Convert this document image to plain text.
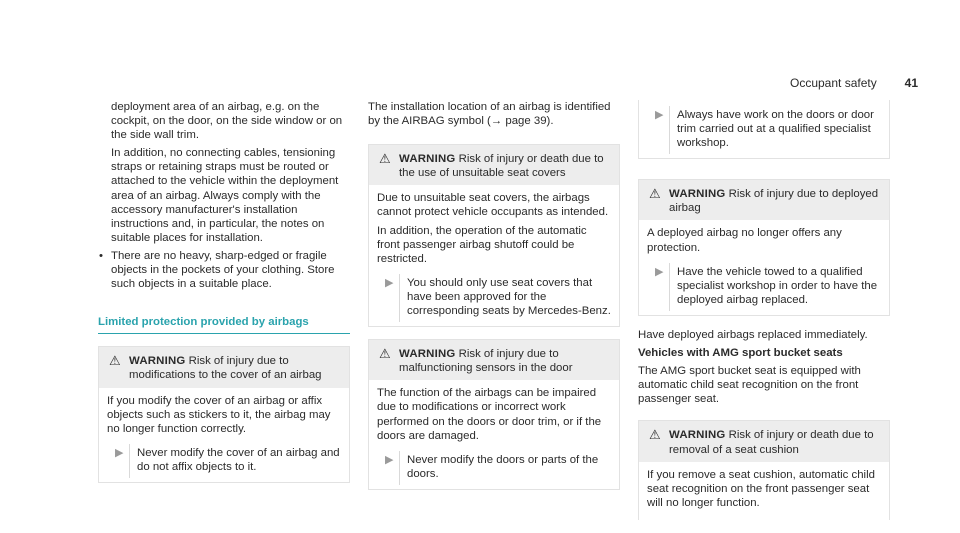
Occupant safety 41

deployment area of an airbag, e.g. on the cockpit, on the door, on the side window or on the side wall trim.

In addition, no connecting cables, tensioning straps or retaining straps must be routed or attached to the vehicle within the deployment area of an airbag. Always comply with the accessory manufacturer's installation instructions and, in particular, the notes on suitable places for installation.

• There are no heavy, sharp-edged or fragile objects in the pockets of your clothing. Store such objects in a suitable place.
Limited protection provided by airbags
⚠ WARNING Risk of injury due to modifications to the cover of an airbag

If you modify the cover of an airbag or affix objects such as stickers to it, the airbag may no longer function correctly.

▶ Never modify the cover of an airbag and do not affix objects to it.

The installation location of an airbag is identified by the AIRBAG symbol (→ page 39).

⚠ WARNING Risk of injury or death due to the use of unsuitable seat covers

Due to unsuitable seat covers, the airbags cannot protect vehicle occupants as intended.

In addition, the operation of the automatic front passenger airbag shutoff could be restricted.

▶ You should only use seat covers that have been approved for the corresponding seats by Mercedes-Benz.
⚠ WARNING Risk of injury due to malfunctioning sensors in the door

The function of the airbags can be impaired due to modifications or incorrect work performed on the doors or door trim, or if the doors are damaged.

▶ Never modify the doors or parts of the doors.
▶ Always have work on the doors or door trim carried out at a qualified specialist workshop.
⚠ WARNING Risk of injury due to deployed airbag

A deployed airbag no longer offers any protection.

▶ Have the vehicle towed to a qualified specialist workshop in order to have the deployed airbag replaced.

Have deployed airbags replaced immediately.

Vehicles with AMG sport bucket seats

The AMG sport bucket seat is equipped with automatic child seat recognition on the front passenger seat.

⚠ WARNING Risk of injury or death due to removal of a seat cushion

If you remove a seat cushion, automatic child seat recognition on the front passenger seat will no longer function.
